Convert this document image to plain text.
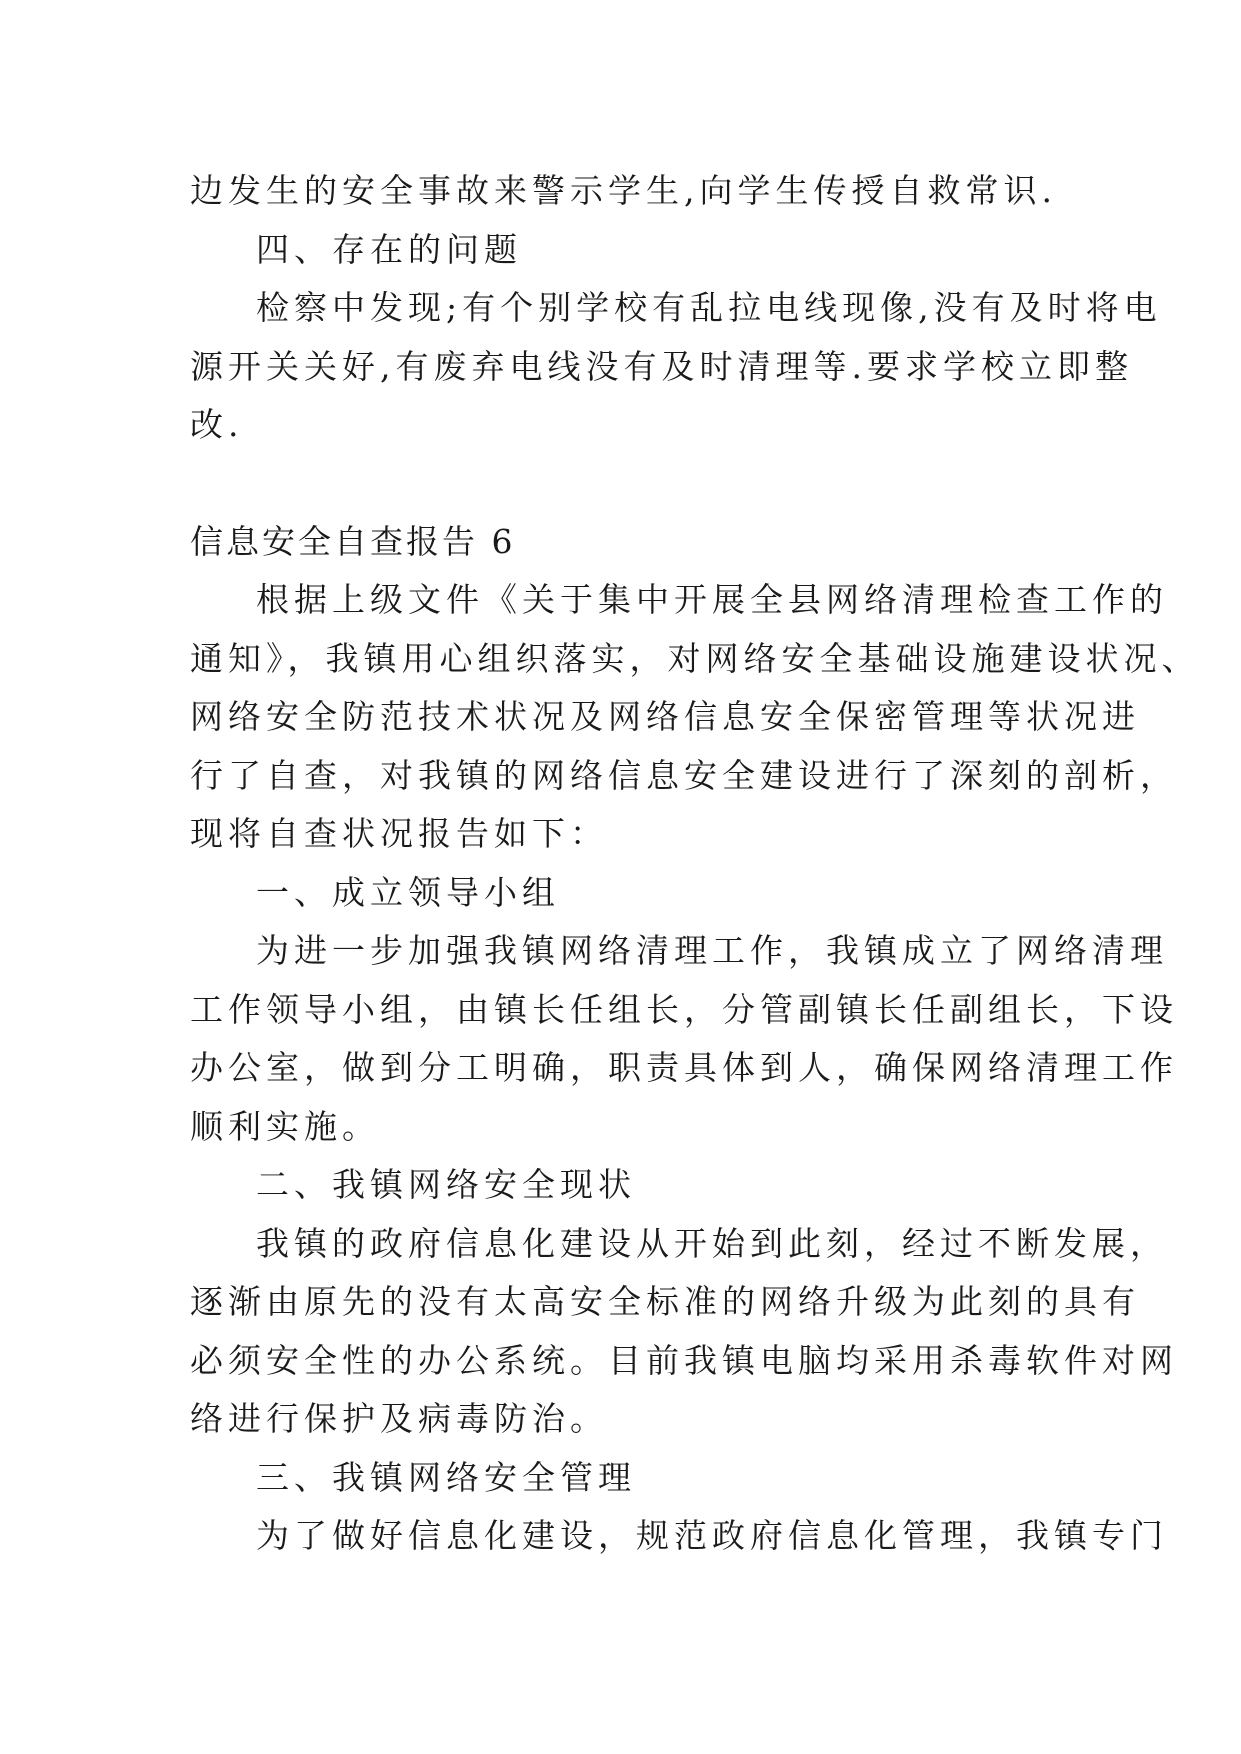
边发生的安全事故来警示学生,向学生传授自救常识.
四、存在的问题
检察中发现;有个别学校有乱拉电线现像,没有及时将电
源开关关好,有废弃电线没有及时清理等.要求学校立即整
改.
信息安全自查报告 6
根据上级文件《关于集中开展全县网络清理检查工作的
通知》，我镇用心组织落实，对网络安全基础设施建设状况、
网络安全防范技术状况及网络信息安全保密管理等状况进
行了自查，对我镇的网络信息安全建设进行了深刻的剖析，
现将自查状况报告如下：
一、成立领导小组
为进一步加强我镇网络清理工作，我镇成立了网络清理
工作领导小组，由镇长任组长，分管副镇长任副组长，下设
办公室，做到分工明确，职责具体到人，确保网络清理工作
顺利实施。
二、我镇网络安全现状
我镇的政府信息化建设从开始到此刻，经过不断发展，
逐渐由原先的没有太高安全标准的网络升级为此刻的具有
必须安全性的办公系统。目前我镇电脑均采用杀毒软件对网
络进行保护及病毒防治。
三、我镇网络安全管理
为了做好信息化建设，规范政府信息化管理，我镇专门
